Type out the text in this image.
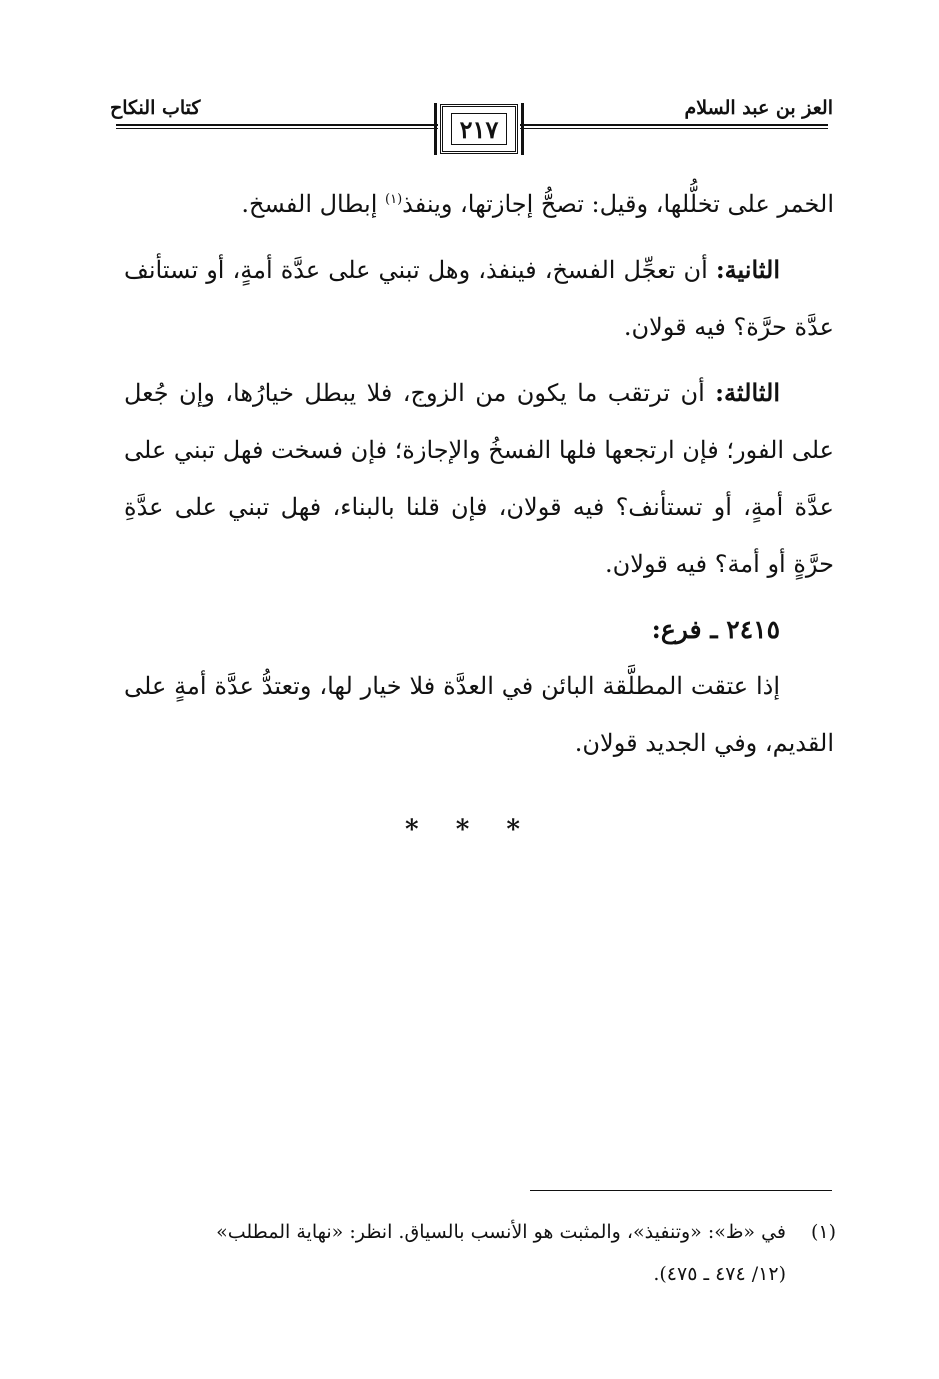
العز بن عبد السلام
كتاب النكاح
٢١٧

الخمر على تخلُّلها، وقيل: تصحُّ إجازتها، وينفذ$^{(١)}$ إبطال الفسخ.

الثانية: أن تعجِّل الفسخ، فينفذ، وهل تبني على عدَّة أمةٍ، أو تستأنف عدَّة حرَّة؟ فيه قولان.

الثالثة: أن ترتقب ما يكون من الزوج، فلا يبطل خيارُها، وإن جُعل على الفور؛ فإن ارتجعها فلها الفسخُ والإجازة؛ فإن فسخت فهل تبني على عدَّة أمةٍ، أو تستأنف؟ فيه قولان، فإن قلنا بالبناء، فهل تبني على عدَّةِ حرَّةٍ أو أمة؟ فيه قولان.

٢٤١٥ ـ فرع:

إذا عتقت المطلَّقة البائن في العدَّة فلا خيار لها، وتعتدُّ عدَّة أمةٍ على القديم، وفي الجديد قولان.

* * *
(١)في «ظ»: «وتنفيذ»، والمثبت هو الأنسب بالسياق. انظر: «نهاية المطلب»
(١٢/ ٤٧٤ ـ ٤٧٥).
